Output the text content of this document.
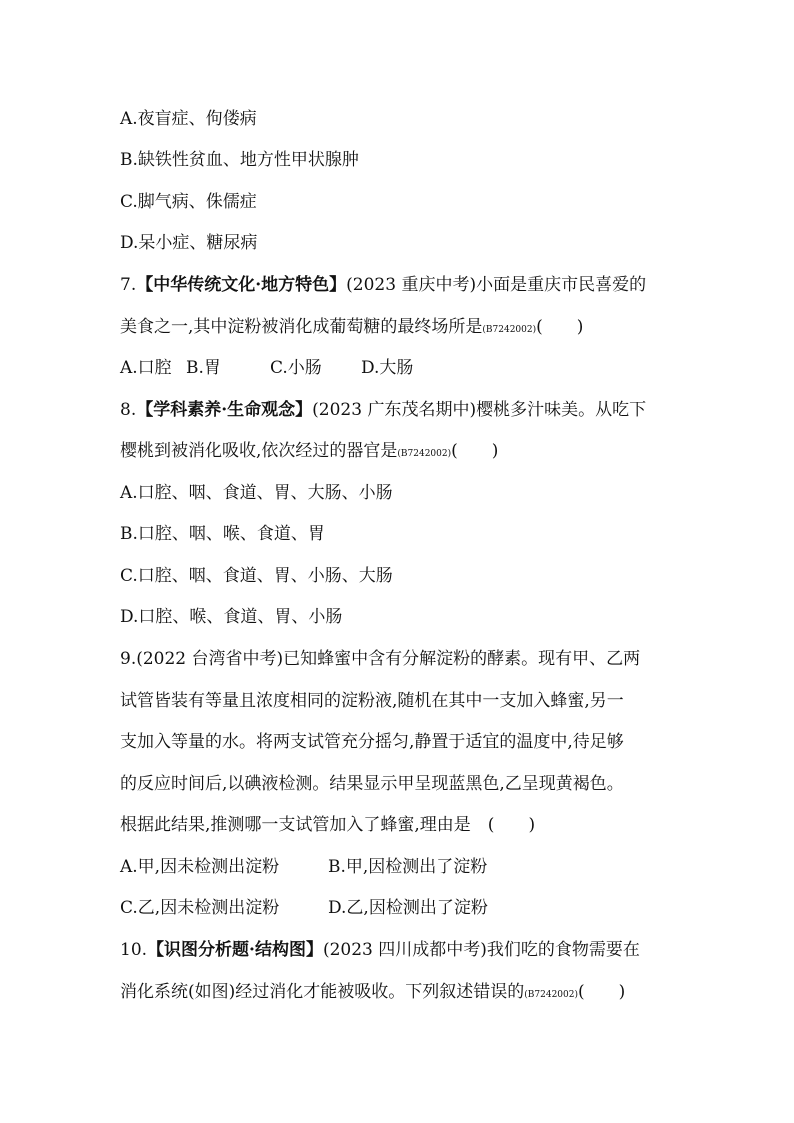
A.夜盲症、佝偻病
B.缺铁性贫血、地方性甲状腺肿
C.脚气病、侏儒症
D.呆小症、糖尿病
7.【中华传统文化·地方特色】(2023 重庆中考)小面是重庆市民喜爱的
美食之一,其中淀粉被消化成葡萄糖的最终场所是(B7242002)(　　)
A.口腔 B.胃	C.小肠 D.大肠
8.【学科素养·生命观念】(2023 广东茂名期中)樱桃多汁味美。从吃下
樱桃到被消化吸收,依次经过的器官是(B7242002)(　　)
A.口腔、咽、食道、胃、大肠、小肠
B.口腔、咽、喉、食道、胃
C.口腔、咽、食道、胃、小肠、大肠
D.口腔、喉、食道、胃、小肠
9.(2022 台湾省中考)已知蜂蜜中含有分解淀粉的酵素。现有甲、乙两
试管皆装有等量且浓度相同的淀粉液,随机在其中一支加入蜂蜜,另一
支加入等量的水。将两支试管充分摇匀,静置于适宜的温度中,待足够
的反应时间后,以碘液检测。结果显示甲呈现蓝黑色,乙呈现黄褐色。
根据此结果,推测哪一支试管加入了蜂蜜,理由是　(　　)
A.甲,因未检测出淀粉	B.甲,因检测出了淀粉
C.乙,因未检测出淀粉	D.乙,因检测出了淀粉
10.【识图分析题·结构图】(2023 四川成都中考)我们吃的食物需要在
消化系统(如图)经过消化才能被吸收。下列叙述错误的(B7242002)(　　)
